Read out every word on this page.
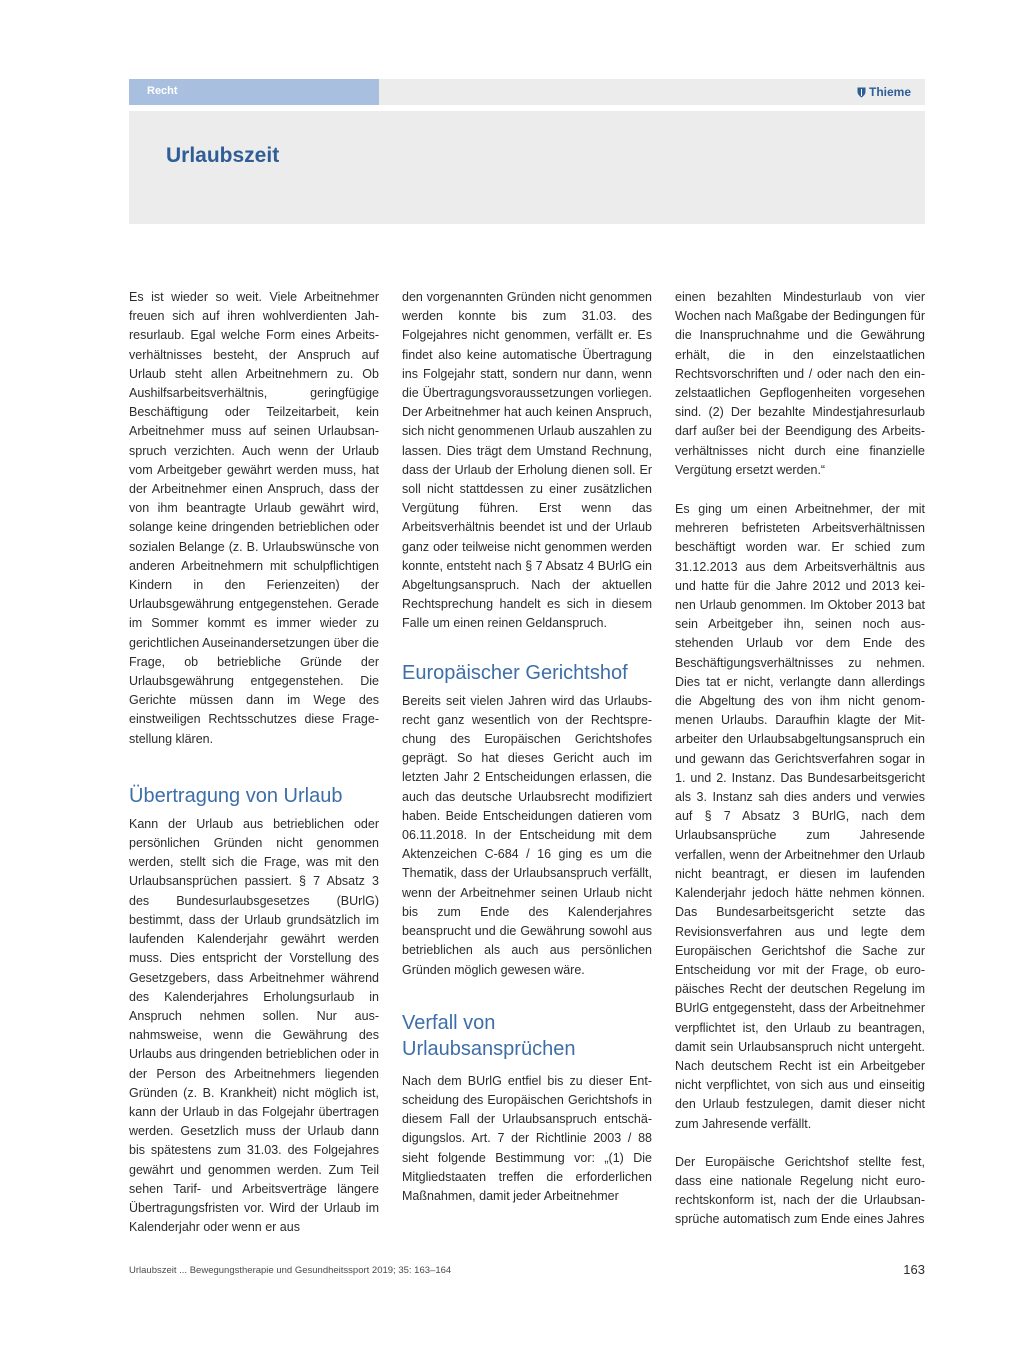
Recht	Thieme
Urlaubszeit

Es ist wieder so weit. Viele Arbeitnehmer freuen sich auf ihren wohlverdienten Jahresurlaub. Egal welche Form eines Arbeitsverhältnisses besteht, der Anspruch auf Urlaub steht allen Arbeitnehmern zu. Ob Aushilfsarbeitsverhältnis, geringfügige Beschäftigung oder Teilzeitarbeit, kein Arbeitnehmer muss auf seinen Urlaubsanspruch verzichten. Auch wenn der Urlaub vom Arbeitgeber gewährt werden muss, hat der Arbeitnehmer einen Anspruch, dass der von ihm beantragte Urlaub gewährt wird, solange keine dringenden betrieblichen oder sozialen Belange (z. B. Urlaubswünsche von anderen Arbeitnehmern mit schulpflichtigen Kindern in den Ferienzeiten) der Urlaubsgewährung entgegenstehen. Gerade im Sommer kommt es immer wieder zu gerichtlichen Auseinandersetzungen über die Frage, ob betriebliche Gründe der Urlaubsgewährung entgegenstehen. Die Gerichte müssen dann im Wege des einstweiligen Rechtsschutzes diese Fragestellung klären.

Übertragung von Urlaub

Kann der Urlaub aus betrieblichen oder persönlichen Gründen nicht genommen werden, stellt sich die Frage, was mit den Urlaubsansprüchen passiert. § 7 Absatz 3 des Bundesurlaubsgesetzes (BUrlG) bestimmt, dass der Urlaub grundsätzlich im laufenden Kalenderjahr gewährt werden muss. Dies entspricht der Vorstellung des Gesetzgebers, dass Arbeitnehmer während des Kalenderjahres Erholungsurlaub in Anspruch nehmen sollen. Nur ausnahmsweise, wenn die Gewährung des Urlaubs aus dringenden betrieblichen oder in der Person des Arbeitnehmers liegenden Gründen (z. B. Krankheit) nicht möglich ist, kann der Urlaub in das Folgejahr übertragen werden. Gesetzlich muss der Urlaub dann bis spätestens zum 31.03. des Folgejahres gewährt und genommen werden. Zum Teil sehen Tarif- und Arbeitsverträge längere Übertragungsfristen vor. Wird der Urlaub im Kalenderjahr oder wenn er aus

den vorgenannten Gründen nicht genommen werden konnte bis zum 31.03. des Folgejahres nicht genommen, verfällt er. Es findet also keine automatische Übertragung ins Folgejahr statt, sondern nur dann, wenn die Übertragungsvoraussetzungen vorliegen. Der Arbeitnehmer hat auch keinen Anspruch, sich nicht genommenen Urlaub auszahlen zu lassen. Dies trägt dem Umstand Rechnung, dass der Urlaub der Erholung dienen soll. Er soll nicht stattdessen zu einer zusätzlichen Vergütung führen. Erst wenn das Arbeitsverhältnis beendet ist und der Urlaub ganz oder teilweise nicht genommen werden konnte, entsteht nach § 7 Absatz 4 BUrlG ein Abgeltungsanspruch. Nach der aktuellen Rechtsprechung handelt es sich in diesem Falle um einen reinen Geldanspruch.

Europäischer Gerichtshof

Bereits seit vielen Jahren wird das Urlaubsrecht ganz wesentlich von der Rechtsprechung des Europäischen Gerichtshofes geprägt. So hat dieses Gericht auch im letzten Jahr 2 Entscheidungen erlassen, die auch das deutsche Urlaubsrecht modifiziert haben. Beide Entscheidungen datieren vom 06.11.2018. In der Entscheidung mit dem Aktenzeichen C-684 / 16 ging es um die Thematik, dass der Urlaubsanspruch verfällt, wenn der Arbeitnehmer seinen Urlaub nicht bis zum Ende des Kalenderjahres beansprucht und die Gewährung sowohl aus betrieblichen als auch aus persönlichen Gründen möglich gewesen wäre.

Verfall von Urlaubsansprüchen

Nach dem BUrlG entfiel bis zu dieser Entscheidung des Europäischen Gerichtshofs in diesem Fall der Urlaubsanspruch entschädigungslos. Art. 7 der Richtlinie 2003 / 88 sieht folgende Bestimmung vor: „(1) Die Mitgliedstaaten treffen die erforderlichen Maßnahmen, damit jeder Arbeitnehmer

einen bezahlten Mindesturlaub von vier Wochen nach Maßgabe der Bedingungen für die Inanspruchnahme und die Gewährung erhält, die in den einzelstaatlichen Rechtsvorschriften und / oder nach den einzelstaatlichen Gepflogenheiten vorgesehen sind. (2) Der bezahlte Mindestjahresurlaub darf außer bei der Beendigung des Arbeitsverhältnisses nicht durch eine finanzielle Vergütung ersetzt werden.“

Es ging um einen Arbeitnehmer, der mit mehreren befristeten Arbeitsverhältnissen beschäftigt worden war. Er schied zum 31.12.2013 aus dem Arbeitsverhältnis aus und hatte für die Jahre 2012 und 2013 keinen Urlaub genommen. Im Oktober 2013 bat sein Arbeitgeber ihn, seinen noch ausstehenden Urlaub vor dem Ende des Beschäftigungsverhältnisses zu nehmen. Dies tat er nicht, verlangte dann allerdings die Abgeltung des von ihm nicht genommenen Urlaubs. Daraufhin klagte der Mitarbeiter den Urlaubsabgeltungsanspruch ein und gewann das Gerichtsverfahren sogar in 1. und 2. Instanz. Das Bundesarbeitsgericht als 3. Instanz sah dies anders und verwies auf § 7 Absatz 3 BUrlG, nach dem Urlaubsansprüche zum Jahresende verfallen, wenn der Arbeitnehmer den Urlaub nicht beantragt, er diesen im laufenden Kalenderjahr jedoch hätte nehmen können. Das Bundesarbeitsgericht setzte das Revisionsverfahren aus und legte dem Europäischen Gerichtshof die Sache zur Entscheidung vor mit der Frage, ob europäisches Recht der deutschen Regelung im BUrlG entgegensteht, dass der Arbeitnehmer verpflichtet ist, den Urlaub zu beantragen, damit sein Urlaubsanspruch nicht untergeht. Nach deutschem Recht ist ein Arbeitgeber nicht verpflichtet, von sich aus und einseitig den Urlaub festzulegen, damit dieser nicht zum Jahresende verfällt.

Der Europäische Gerichtshof stellte fest, dass eine nationale Regelung nicht eurorechtskonform ist, nach der die Urlaubsansprüche automatisch zum Ende eines Jahres

Urlaubszeit ... Bewegungstherapie und Gesundheitssport 2019; 35: 163–164	163
